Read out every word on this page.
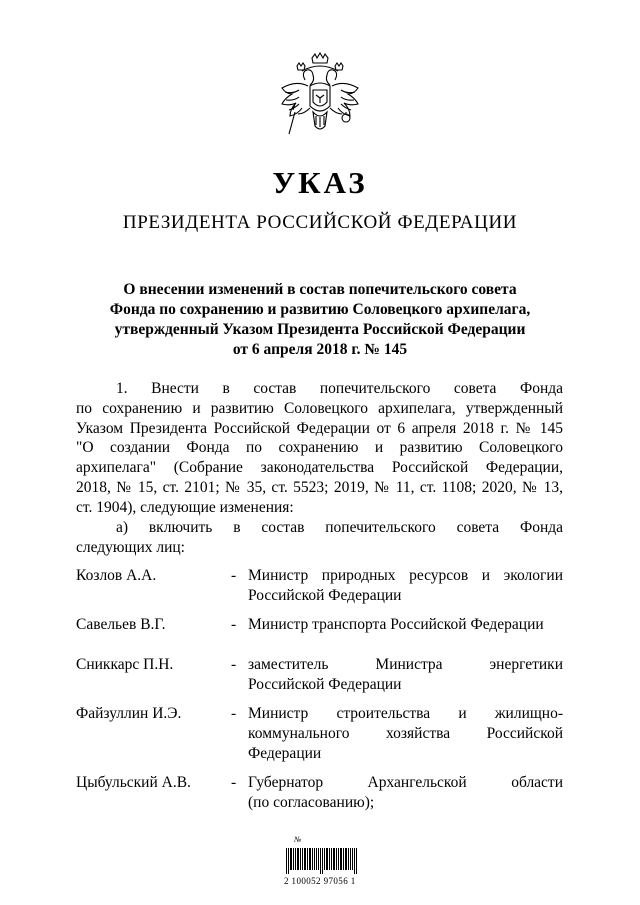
УКАЗ
ПРЕЗИДЕНТА РОССИЙСКОЙ ФЕДЕРАЦИИ
О внесении изменений в состав попечительского совета
Фонда по сохранению и развитию Соловецкого архипелага,
утвержденный Указом Президента Российской Федерации
от 6 апреля 2018 г. № 145
1. Внести в состав попечительского совета Фонда
по сохранению и развитию Соловецкого архипелага, утвержденный
Указом Президента Российской Федерации от 6 апреля 2018 г. № 145
"О создании Фонда по сохранению и развитию Соловецкого
архипелага" (Собрание законодательства Российской Федерации,
2018, № 15, ст. 2101; № 35, ст. 5523; 2019, № 11, ст. 1108; 2020, № 13,
ст. 1904), следующие изменения:
а) включить в состав попечительского совета Фонда
следующих лиц:
Козлов А.А.	- Министр природных ресурсов и экологии
Российской Федерации
Савельев В.Г.	- Министр транспорта Российской Федерации
Сниккарс П.Н.	- заместитель	Министра	энергетики
Российской Федерации
Файзуллин И.Э.	- Министр строительства и жилищно-
коммунального хозяйства Российской
Федерации
Цыбульский А.В.	- Губернатор	Архангельской	области
(по согласованию);
№
2 100052 97056 1
